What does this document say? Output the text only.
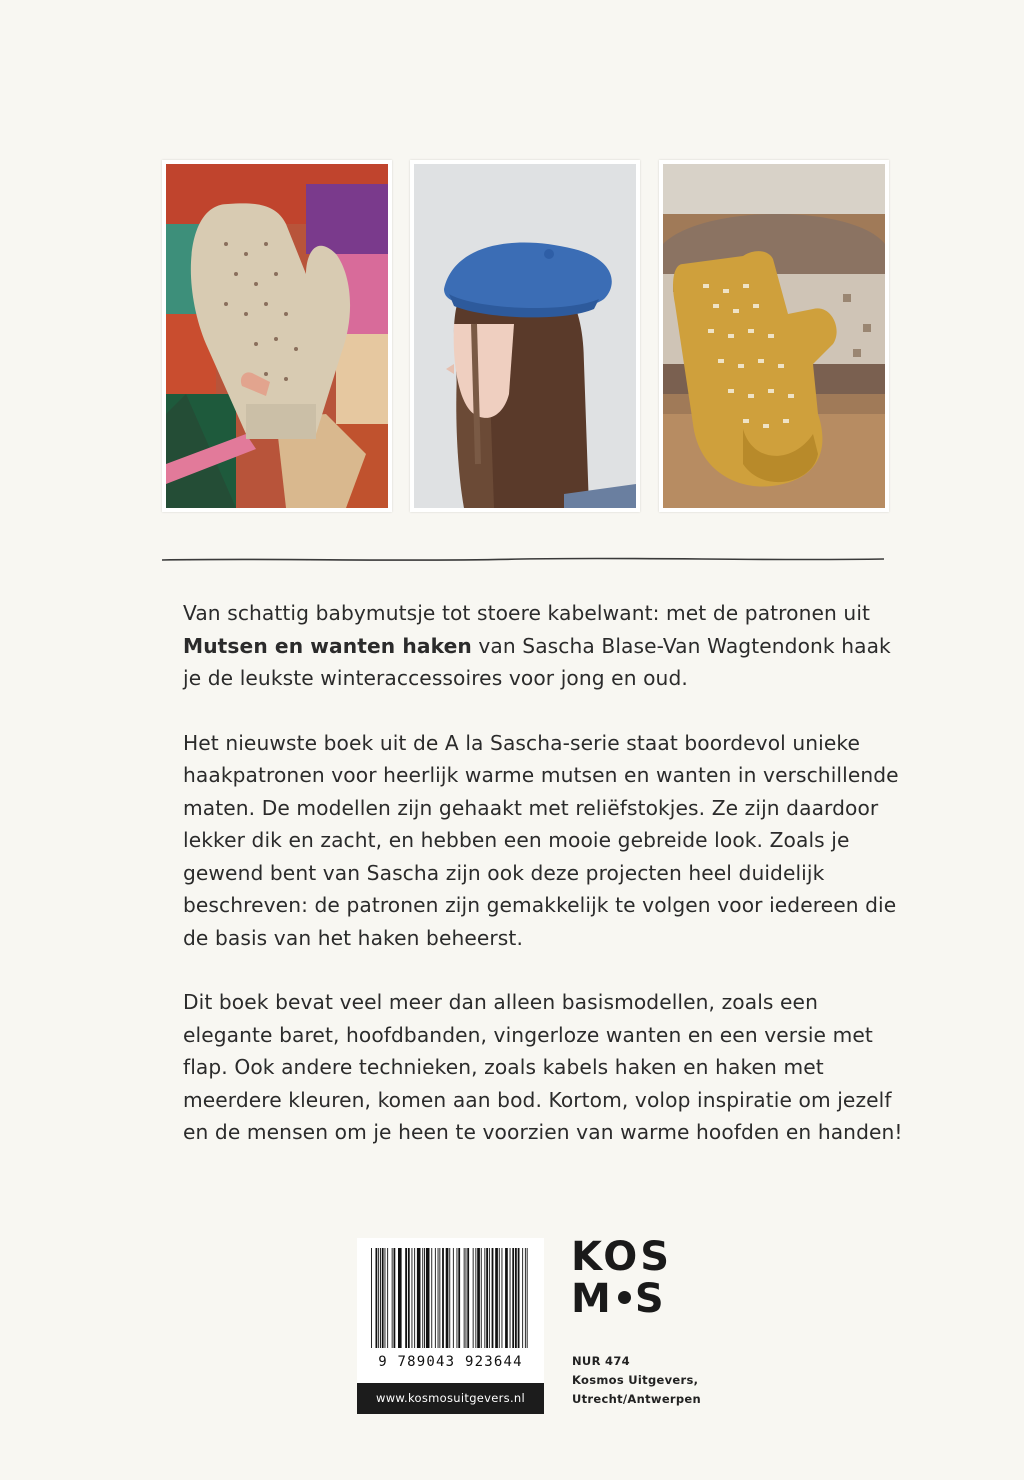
Van schattig babymutsje tot stoere kabelwant: met de patronen uit Mutsen en wanten haken van Sascha Blase-Van Wagtendonk haak je de leukste winteraccessoires voor jong en oud.

Het nieuwste boek uit de A la Sascha-serie staat boordevol unieke haakpatronen voor heerlijk warme mutsen en wanten in verschillende maten. De modellen zijn gehaakt met reliëfstokjes. Ze zijn daardoor lekker dik en zacht, en hebben een mooie gebreide look. Zoals je gewend bent van Sascha zijn ook deze projecten heel duidelijk beschreven: de patronen zijn gemakkelijk te volgen voor iedereen die de basis van het haken beheerst.

Dit boek bevat veel meer dan alleen basismodellen, zoals een elegante baret, hoofdbanden, vingerloze wanten en een versie met flap. Ook andere technieken, zoals kabels haken en haken met meerdere kleuren, komen aan bod. Kortom, volop inspiratie om jezelf en de mensen om je heen te voorzien van warme hoofden en handen!

9 789043 923644
www.kosmosuitgevers.nl
KOS
M S
NUR 474
Kosmos Uitgevers,
Utrecht/Antwerpen
